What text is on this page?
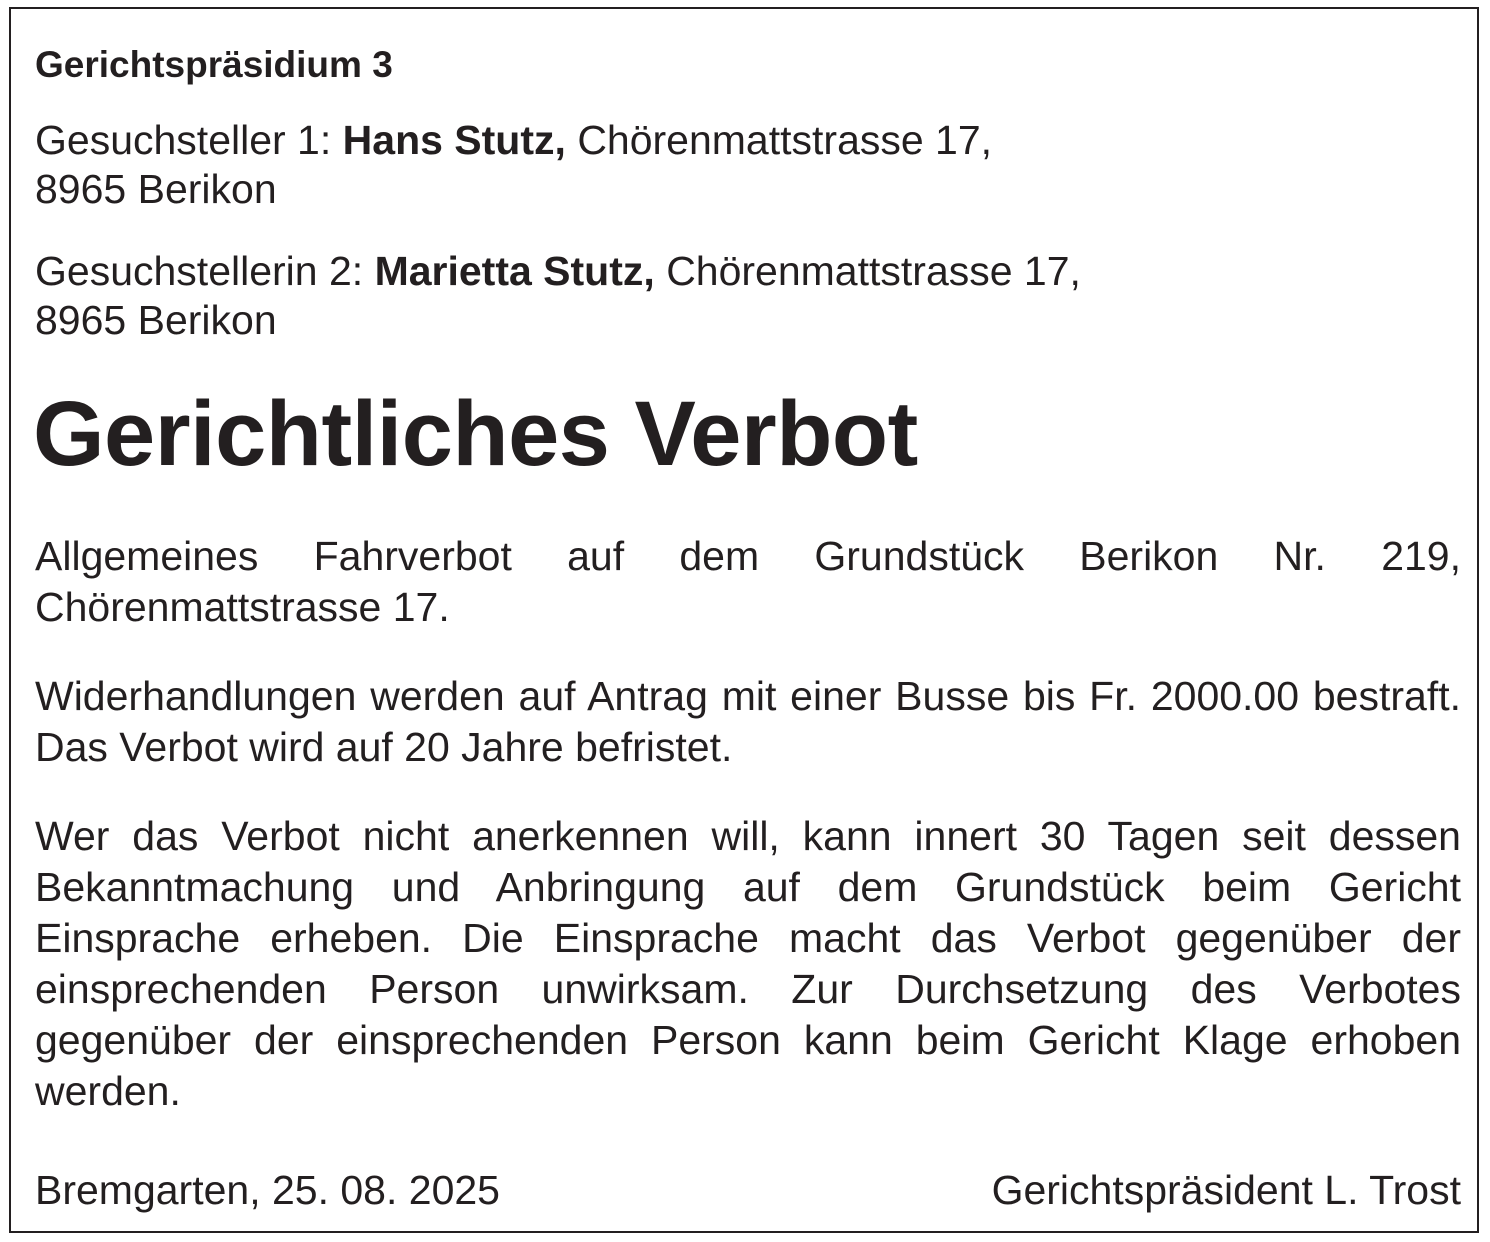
Gerichtspräsidium 3
Gesuchsteller 1: Hans Stutz, Chörenmattstrasse 17,
8965 Berikon
Gesuchstellerin 2: Marietta Stutz, Chörenmattstrasse 17,
8965 Berikon
Gerichtliches Verbot
Allgemeines Fahrverbot auf dem Grundstück Berikon Nr. 219, Chörenmattstrasse 17.
Widerhandlungen werden auf Antrag mit einer Busse bis Fr. 2000.00 bestraft. Das Verbot wird auf 20 Jahre befristet.
Wer das Verbot nicht anerkennen will, kann innert 30 Tagen seit dessen Bekanntmachung und Anbringung auf dem Grundstück beim Gericht Einsprache erheben. Die Einsprache macht das Verbot gegenüber der einsprechenden Person unwirksam. Zur Durchsetzung des Verbotes gegenüber der einsprechenden Person kann beim Gericht Klage erhoben werden.
Bremgarten, 25. 08. 2025	Gerichtspräsident L. Trost
